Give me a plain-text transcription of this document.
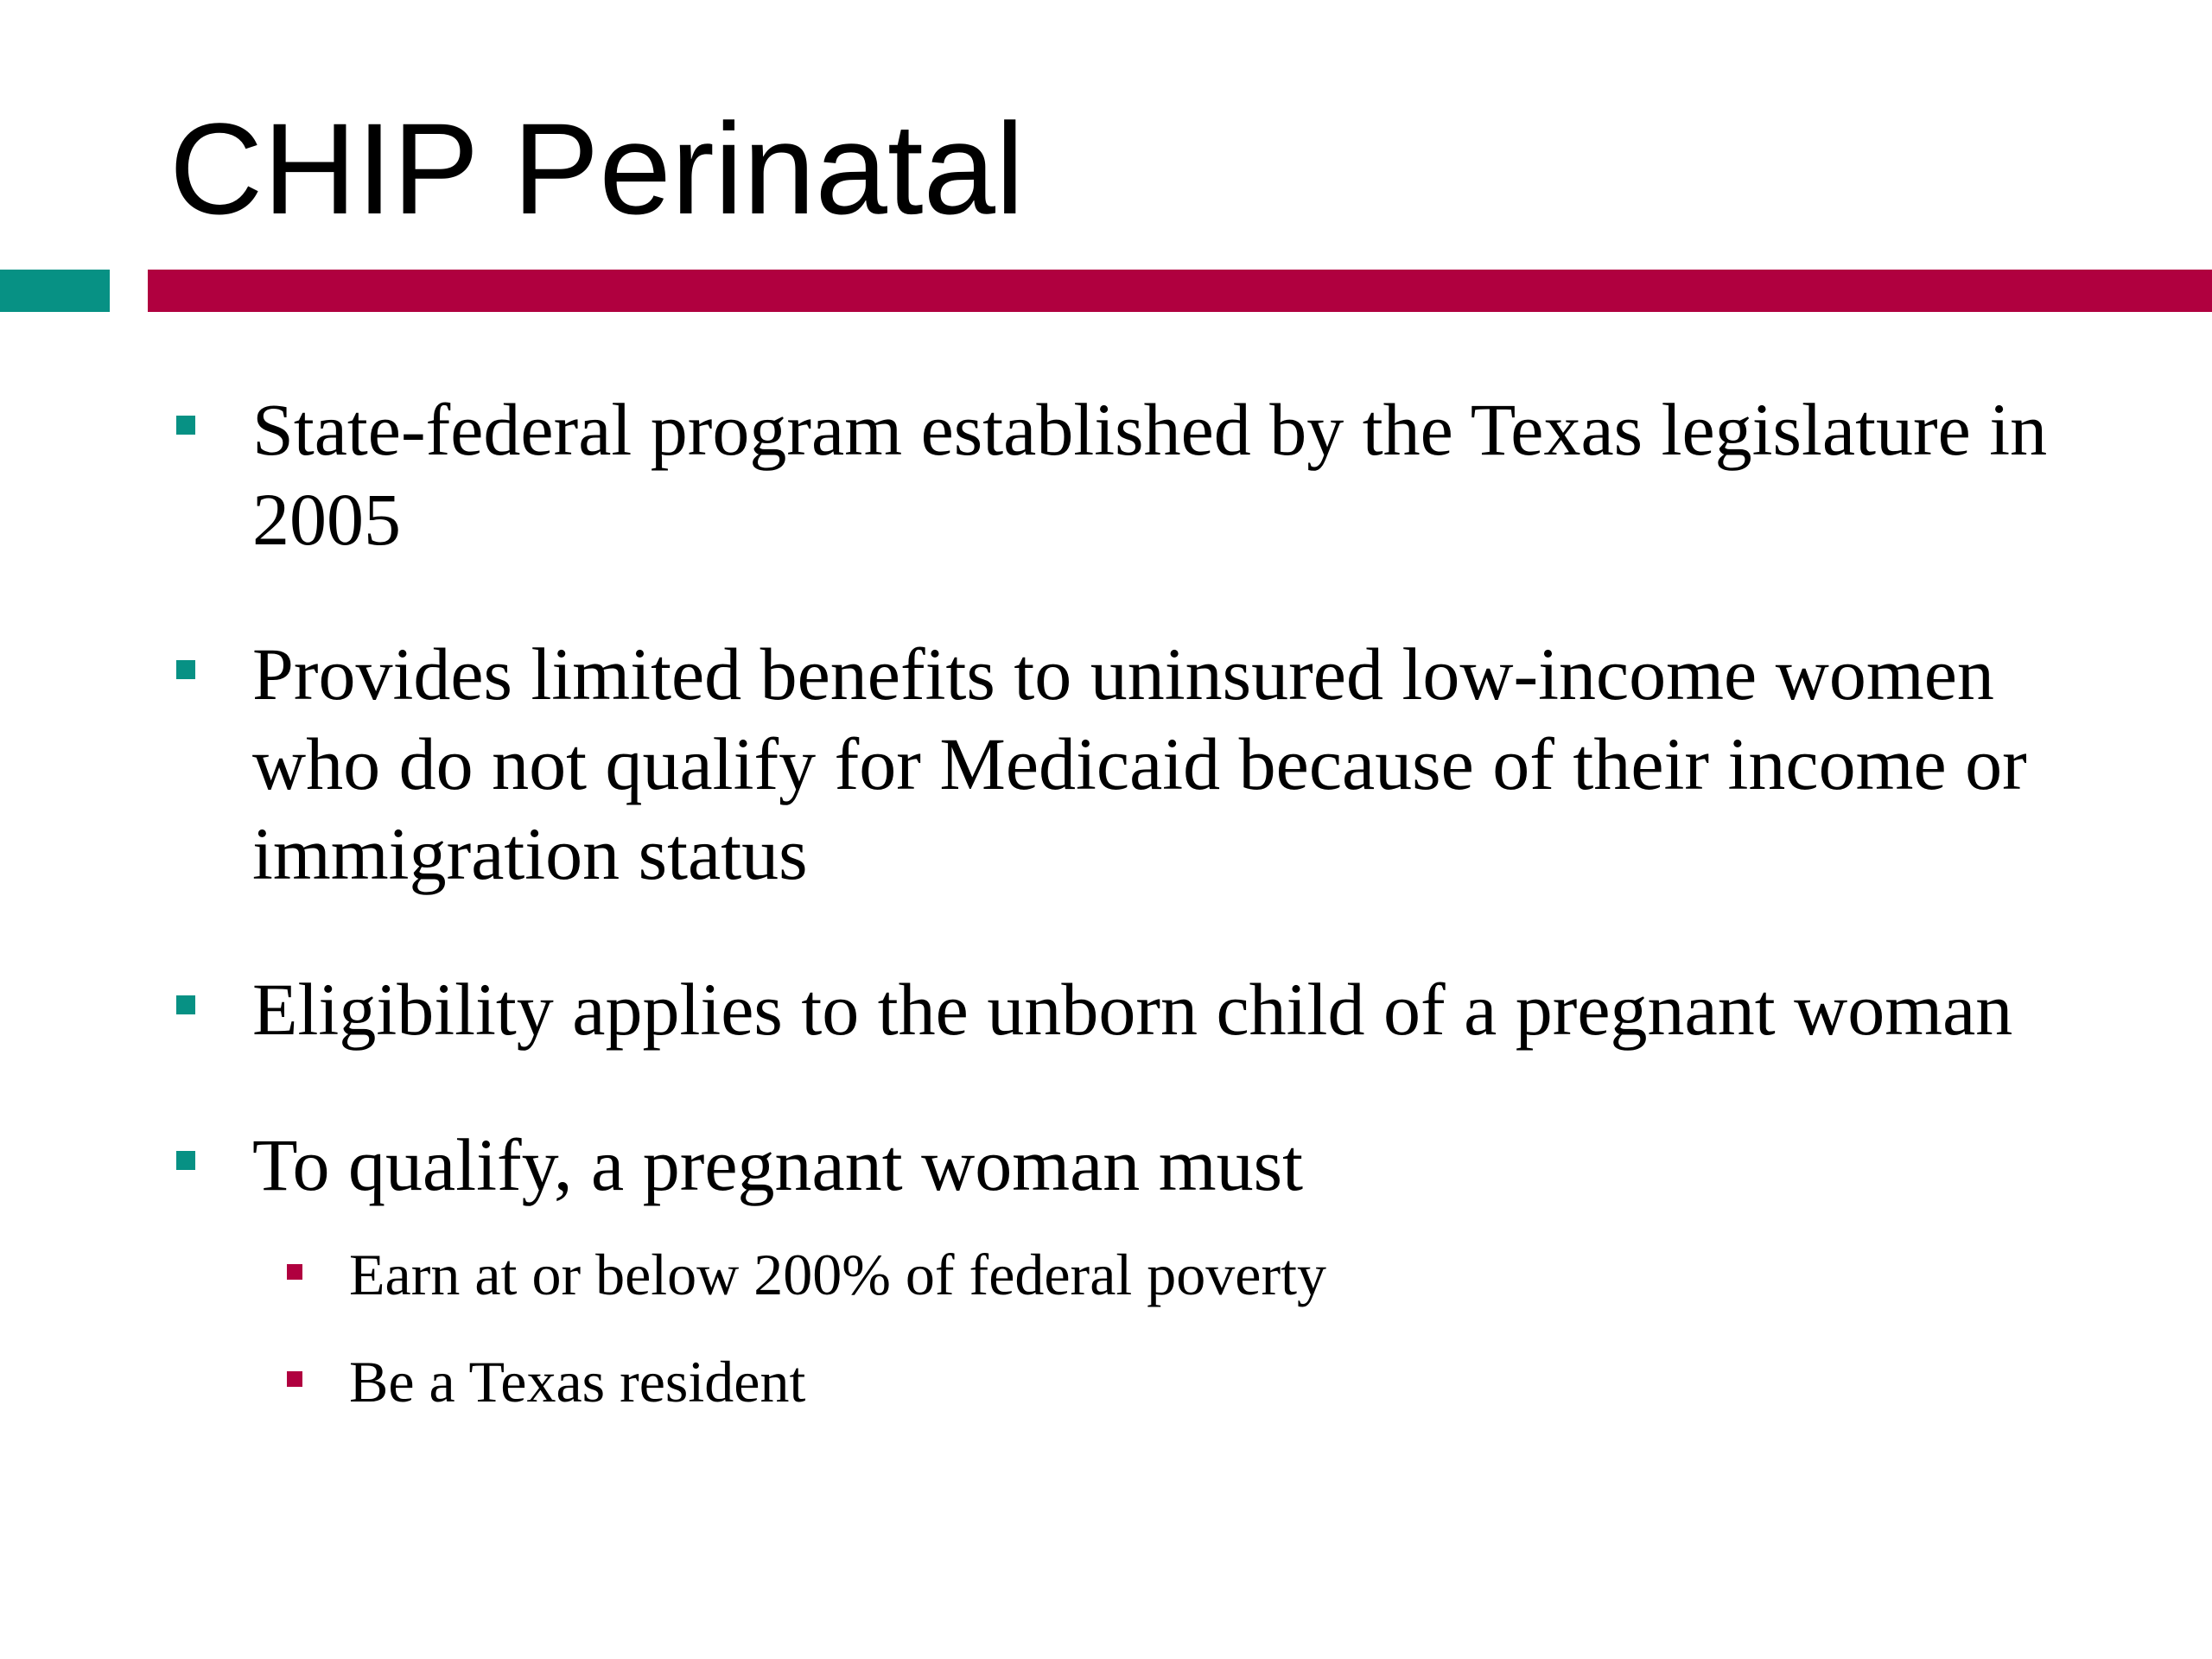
CHIP Perinatal

State-federal program established by the Texas legislature in 2005

Provides limited benefits to uninsured low-income women who do not qualify for Medicaid because of their income or immigration status

Eligibility applies to the unborn child of a pregnant woman

To qualify, a pregnant woman must

Earn at or below 200% of federal poverty

Be a Texas resident
